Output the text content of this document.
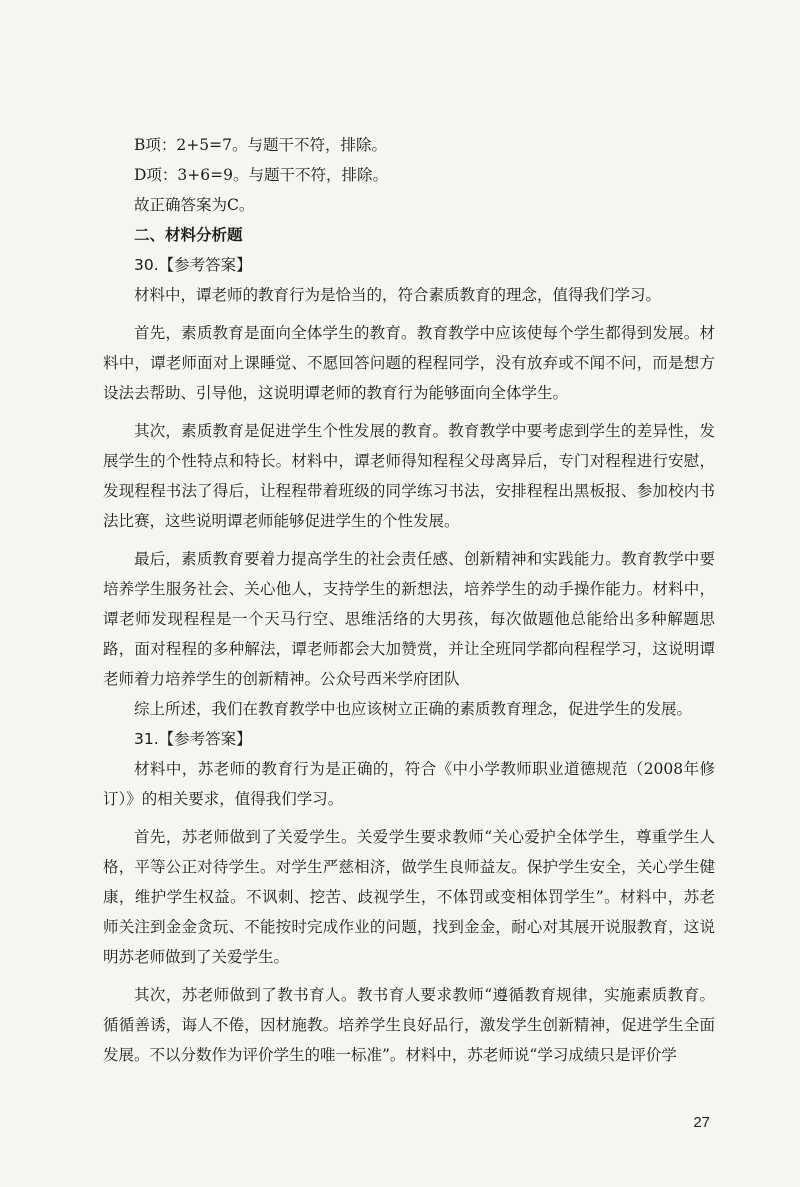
B项：2+5=7。与题干不符，排除。

D项：3+6=9。与题干不符，排除。

故正确答案为C。

二、材料分析题

30.【参考答案】

材料中，谭老师的教育行为是恰当的，符合素质教育的理念，值得我们学习。

首先，素质教育是面向全体学生的教育。教育教学中应该使每个学生都得到发展。材料中，谭老师面对上课睡觉、不愿回答问题的程程同学，没有放弃或不闻不问，而是想方设法去帮助、引导他，这说明谭老师的教育行为能够面向全体学生。

其次，素质教育是促进学生个性发展的教育。教育教学中要考虑到学生的差异性，发展学生的个性特点和特长。材料中，谭老师得知程程父母离异后，专门对程程进行安慰，发现程程书法了得后，让程程带着班级的同学练习书法，安排程程出黑板报、参加校内书法比赛，这些说明谭老师能够促进学生的个性发展。

最后，素质教育要着力提高学生的社会责任感、创新精神和实践能力。教育教学中要培养学生服务社会、关心他人，支持学生的新想法，培养学生的动手操作能力。材料中，谭老师发现程程是一个天马行空、思维活络的大男孩，每次做题他总能给出多种解题思路，面对程程的多种解法，谭老师都会大加赞赏，并让全班同学都向程程学习，这说明谭老师着力培养学生的创新精神。公众号西米学府团队

综上所述，我们在教育教学中也应该树立正确的素质教育理念，促进学生的发展。

31.【参考答案】

材料中，苏老师的教育行为是正确的，符合《中小学教师职业道德规范（2008年修订）》的相关要求，值得我们学习。

首先，苏老师做到了关爱学生。关爱学生要求教师“关心爱护全体学生，尊重学生人格，平等公正对待学生。对学生严慈相济，做学生良师益友。保护学生安全，关心学生健康，维护学生权益。不讽刺、挖苦、歧视学生，不体罚或变相体罚学生”。材料中，苏老师关注到金金贪玩、不能按时完成作业的问题，找到金金，耐心对其展开说服教育，这说明苏老师做到了关爱学生。

其次，苏老师做到了教书育人。教书育人要求教师“遵循教育规律，实施素质教育。循循善诱，诲人不倦，因材施教。培养学生良好品行，激发学生创新精神，促进学生全面发展。不以分数作为评价学生的唯一标准”。材料中，苏老师说“学习成绩只是评价学

27
